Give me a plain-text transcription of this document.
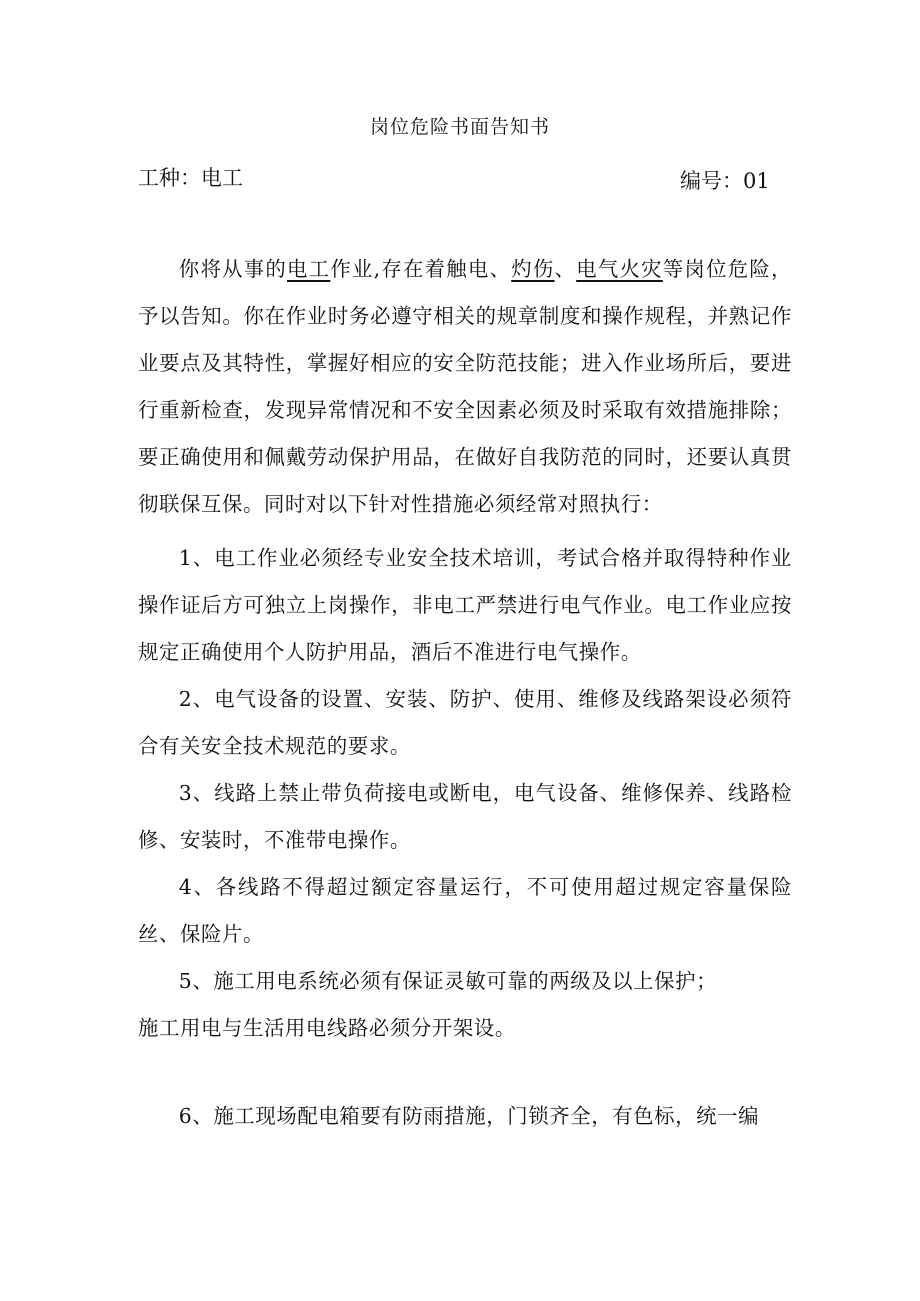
岗位危险书面告知书
工种：电工	编号：01

你将从事的电工作业,存在着触电、灼伤、电气火灾等岗位危险，予以告知。你在作业时务必遵守相关的规章制度和操作规程，并熟记作业要点及其特性，掌握好相应的安全防范技能；进入作业场所后，要进行重新检查，发现异常情况和不安全因素必须及时采取有效措施排除；要正确使用和佩戴劳动保护用品，在做好自我防范的同时，还要认真贯彻联保互保。同时对以下针对性措施必须经常对照执行：

1、电工作业必须经专业安全技术培训，考试合格并取得特种作业操作证后方可独立上岗操作，非电工严禁进行电气作业。电工作业应按规定正确使用个人防护用品，酒后不准进行电气操作。

2、电气设备的设置、安装、防护、使用、维修及线路架设必须符合有关安全技术规范的要求。

3、线路上禁止带负荷接电或断电，电气设备、维修保养、线路检修、安装时，不准带电操作。

4、各线路不得超过额定容量运行，不可使用超过规定容量保险丝、保险片。

5、施工用电系统必须有保证灵敏可靠的两级及以上保护；

施工用电与生活用电线路必须分开架设。

6、施工现场配电箱要有防雨措施，门锁齐全，有色标，统一编
